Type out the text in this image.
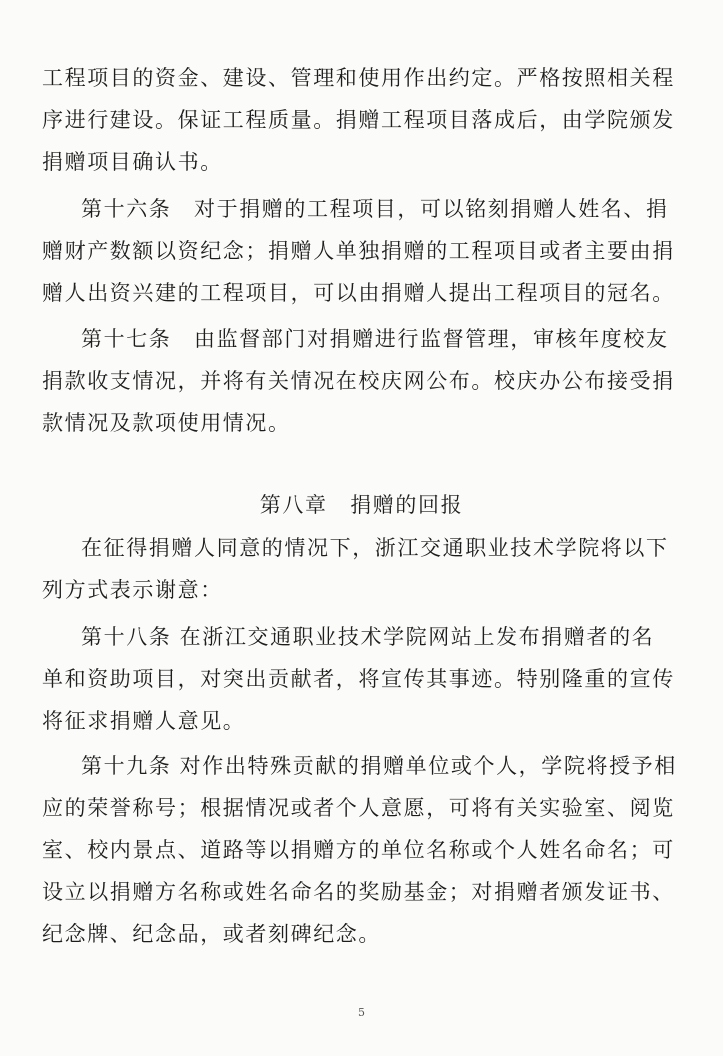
工程项目的资金、建设、管理和使用作出约定。严格按照相关程
序进行建设。保证工程质量。捐赠工程项目落成后，由学院颁发
捐赠项目确认书。
第十六条　对于捐赠的工程项目，可以铭刻捐赠人姓名、捐
赠财产数额以资纪念；捐赠人单独捐赠的工程项目或者主要由捐
赠人出资兴建的工程项目，可以由捐赠人提出工程项目的冠名。
第十七条　由监督部门对捐赠进行监督管理，审核年度校友
捐款收支情况，并将有关情况在校庆网公布。校庆办公布接受捐
款情况及款项使用情况。
第八章　捐赠的回报
在征得捐赠人同意的情况下，浙江交通职业技术学院将以下
列方式表示谢意：
第十八条 在浙江交通职业技术学院网站上发布捐赠者的名
单和资助项目，对突出贡献者，将宣传其事迹。特别隆重的宣传
将征求捐赠人意见。
第十九条 对作出特殊贡献的捐赠单位或个人，学院将授予相
应的荣誉称号；根据情况或者个人意愿，可将有关实验室、阅览
室、校内景点、道路等以捐赠方的单位名称或个人姓名命名；可
设立以捐赠方名称或姓名命名的奖励基金；对捐赠者颁发证书、
纪念牌、纪念品，或者刻碑纪念。
5
